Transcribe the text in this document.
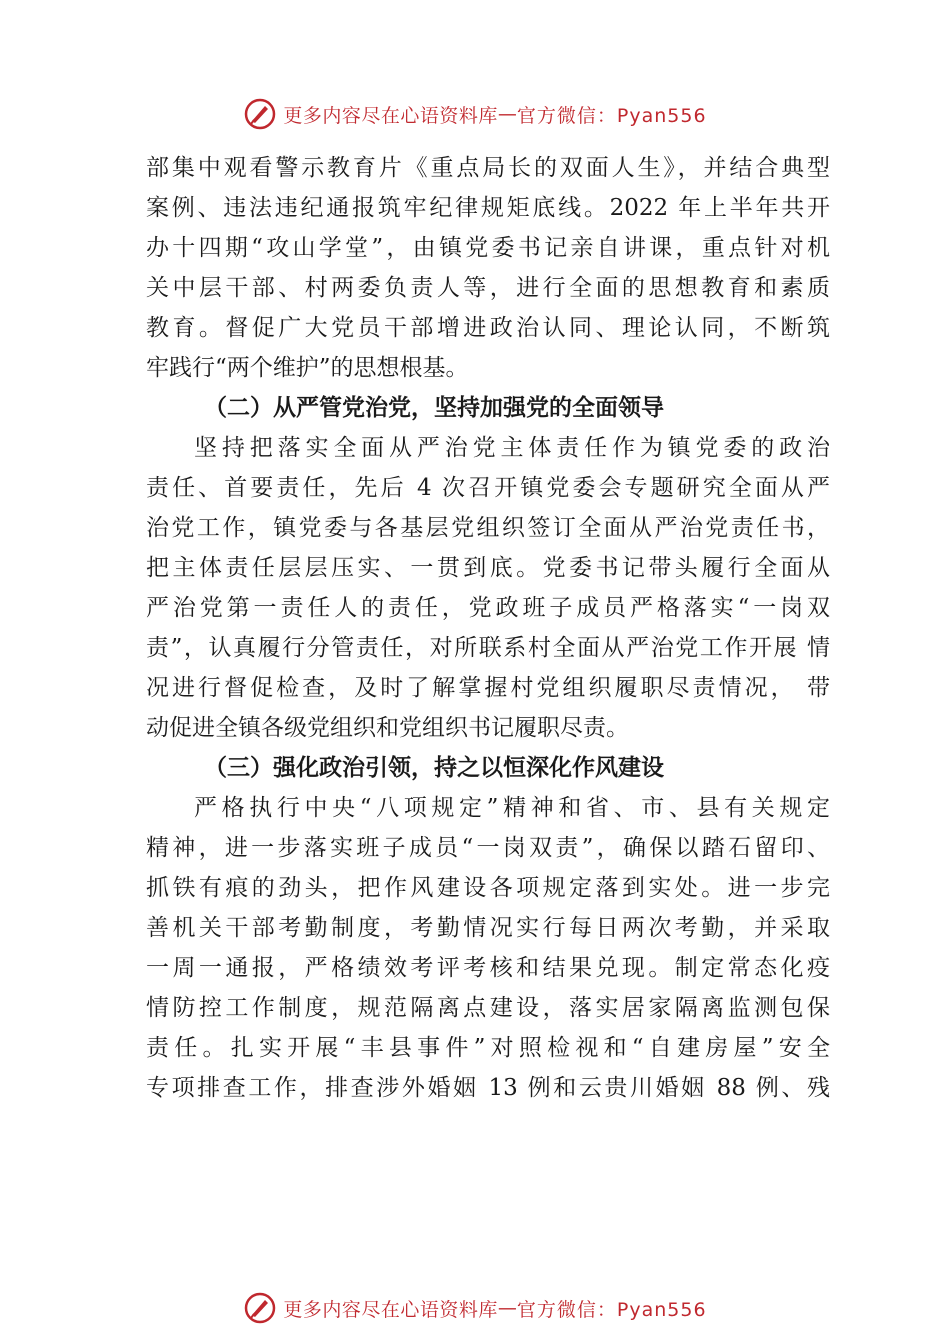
更多内容尽在心语资料库 — 官方微信：Pyan556
部集中观看警示教育片《重点局长的双面人生》，并结合典型
案例、违法违纪通报筑牢纪律规矩底线。2022 年上半年共开
办十四期“攻山学堂”，由镇党委书记亲自讲课，重点针对机
关中层干部、村两委负责人等，进行全面的思想教育和素质
教育。督促广大党员干部增进政治认同、理论认同，不断筑
牢践行“两个维护”的思想根基。
（二）从严管党治党，坚持加强党的全面领导
坚持把落实全面从严治党主体责任作为镇党委的政治
责任、首要责任，先后 4 次召开镇党委会专题研究全面从严
治党工作，镇党委与各基层党组织签订全面从严治党责任书，
把主体责任层层压实、一贯到底。党委书记带头履行全面从
严治党第一责任人的责任，党政班子成员严格落实“一岗双
责”，认真履行分管责任，对所联系村全面从严治党工作开展 情
况进行督促检查，及时了解掌握村党组织履职尽责情况， 带
动促进全镇各级党组织和党组织书记履职尽责。
（三）强化政治引领，持之以恒深化作风建设
严格执行中央“八项规定”精神和省、市、县有关规定
精神，进一步落实班子成员“一岗双责”，确保以踏石留印、
抓铁有痕的劲头，把作风建设各项规定落到实处。进一步完
善机关干部考勤制度，考勤情况实行每日两次考勤，并采取
一周一通报，严格绩效考评考核和结果兑现。制定常态化疫
情防控工作制度，规范隔离点建设，落实居家隔离监测包保
责任。扎实开展“丰县事件”对照检视和“自建房屋”安全
专项排查工作，排查涉外婚姻 13 例和云贵川婚姻 88 例、残
更多内容尽在心语资料库 — 官方微信：Pyan556
